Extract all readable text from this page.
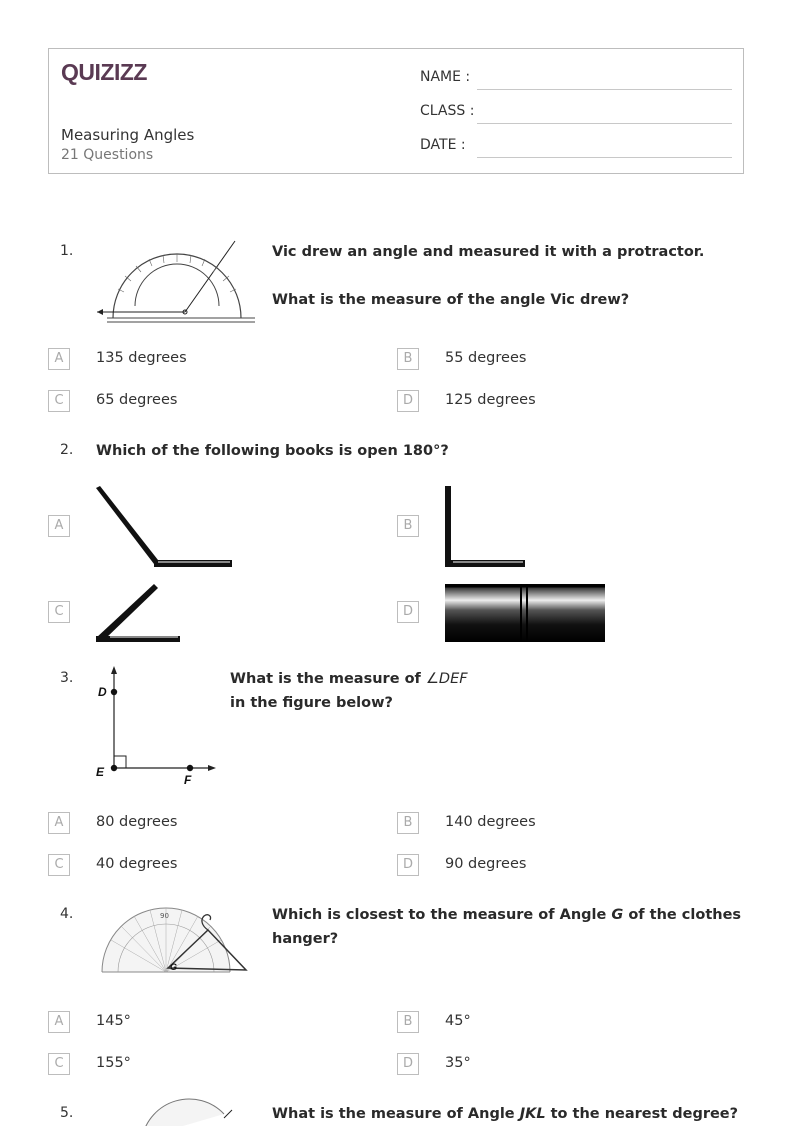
QUIZIZZ
Measuring Angles
21 Questions
NAME :
CLASS :
DATE :
1.	Vic drew an angle and measured it with a protractor.
What is the measure of the angle Vic drew?
A	135 degrees	B	55 degrees
C	65 degrees	D	125 degrees
2. Which of the following books is open 180°?
A	B
C	D
3.
D
E
F
What is the measure of ∠DEF
in the figure below?
A	80 degrees	B	140 degrees
C	40 degrees	D	90 degrees
4.	90
G
Which is closest to the measure of Angle G of the clothes
hanger?
A	145°	B	45°
C	155°	D	35°
5.	What is the measure of Angle JKL to the nearest degree?
